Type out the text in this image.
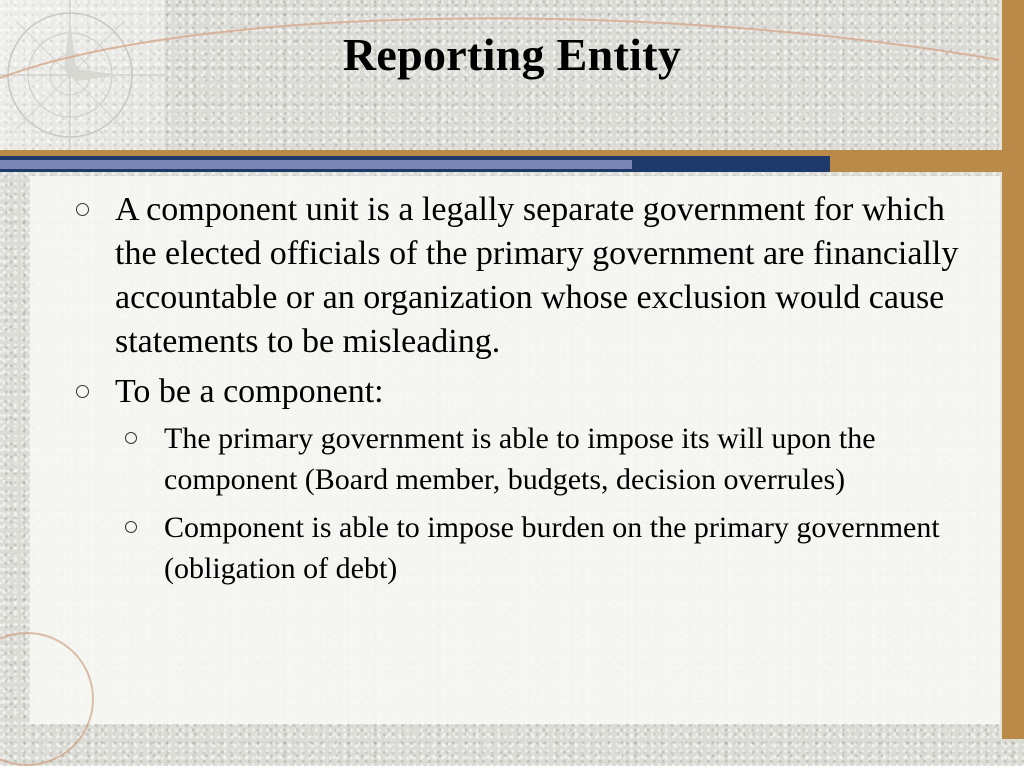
Reporting Entity
A component unit is a legally separate government for which the elected officials of the primary government are financially accountable or an organization whose exclusion would cause statements to be misleading.
To be a component:
The primary government is able to impose its will upon the component (Board member, budgets, decision overrules)
Component is able to impose burden on the primary government (obligation of debt)
